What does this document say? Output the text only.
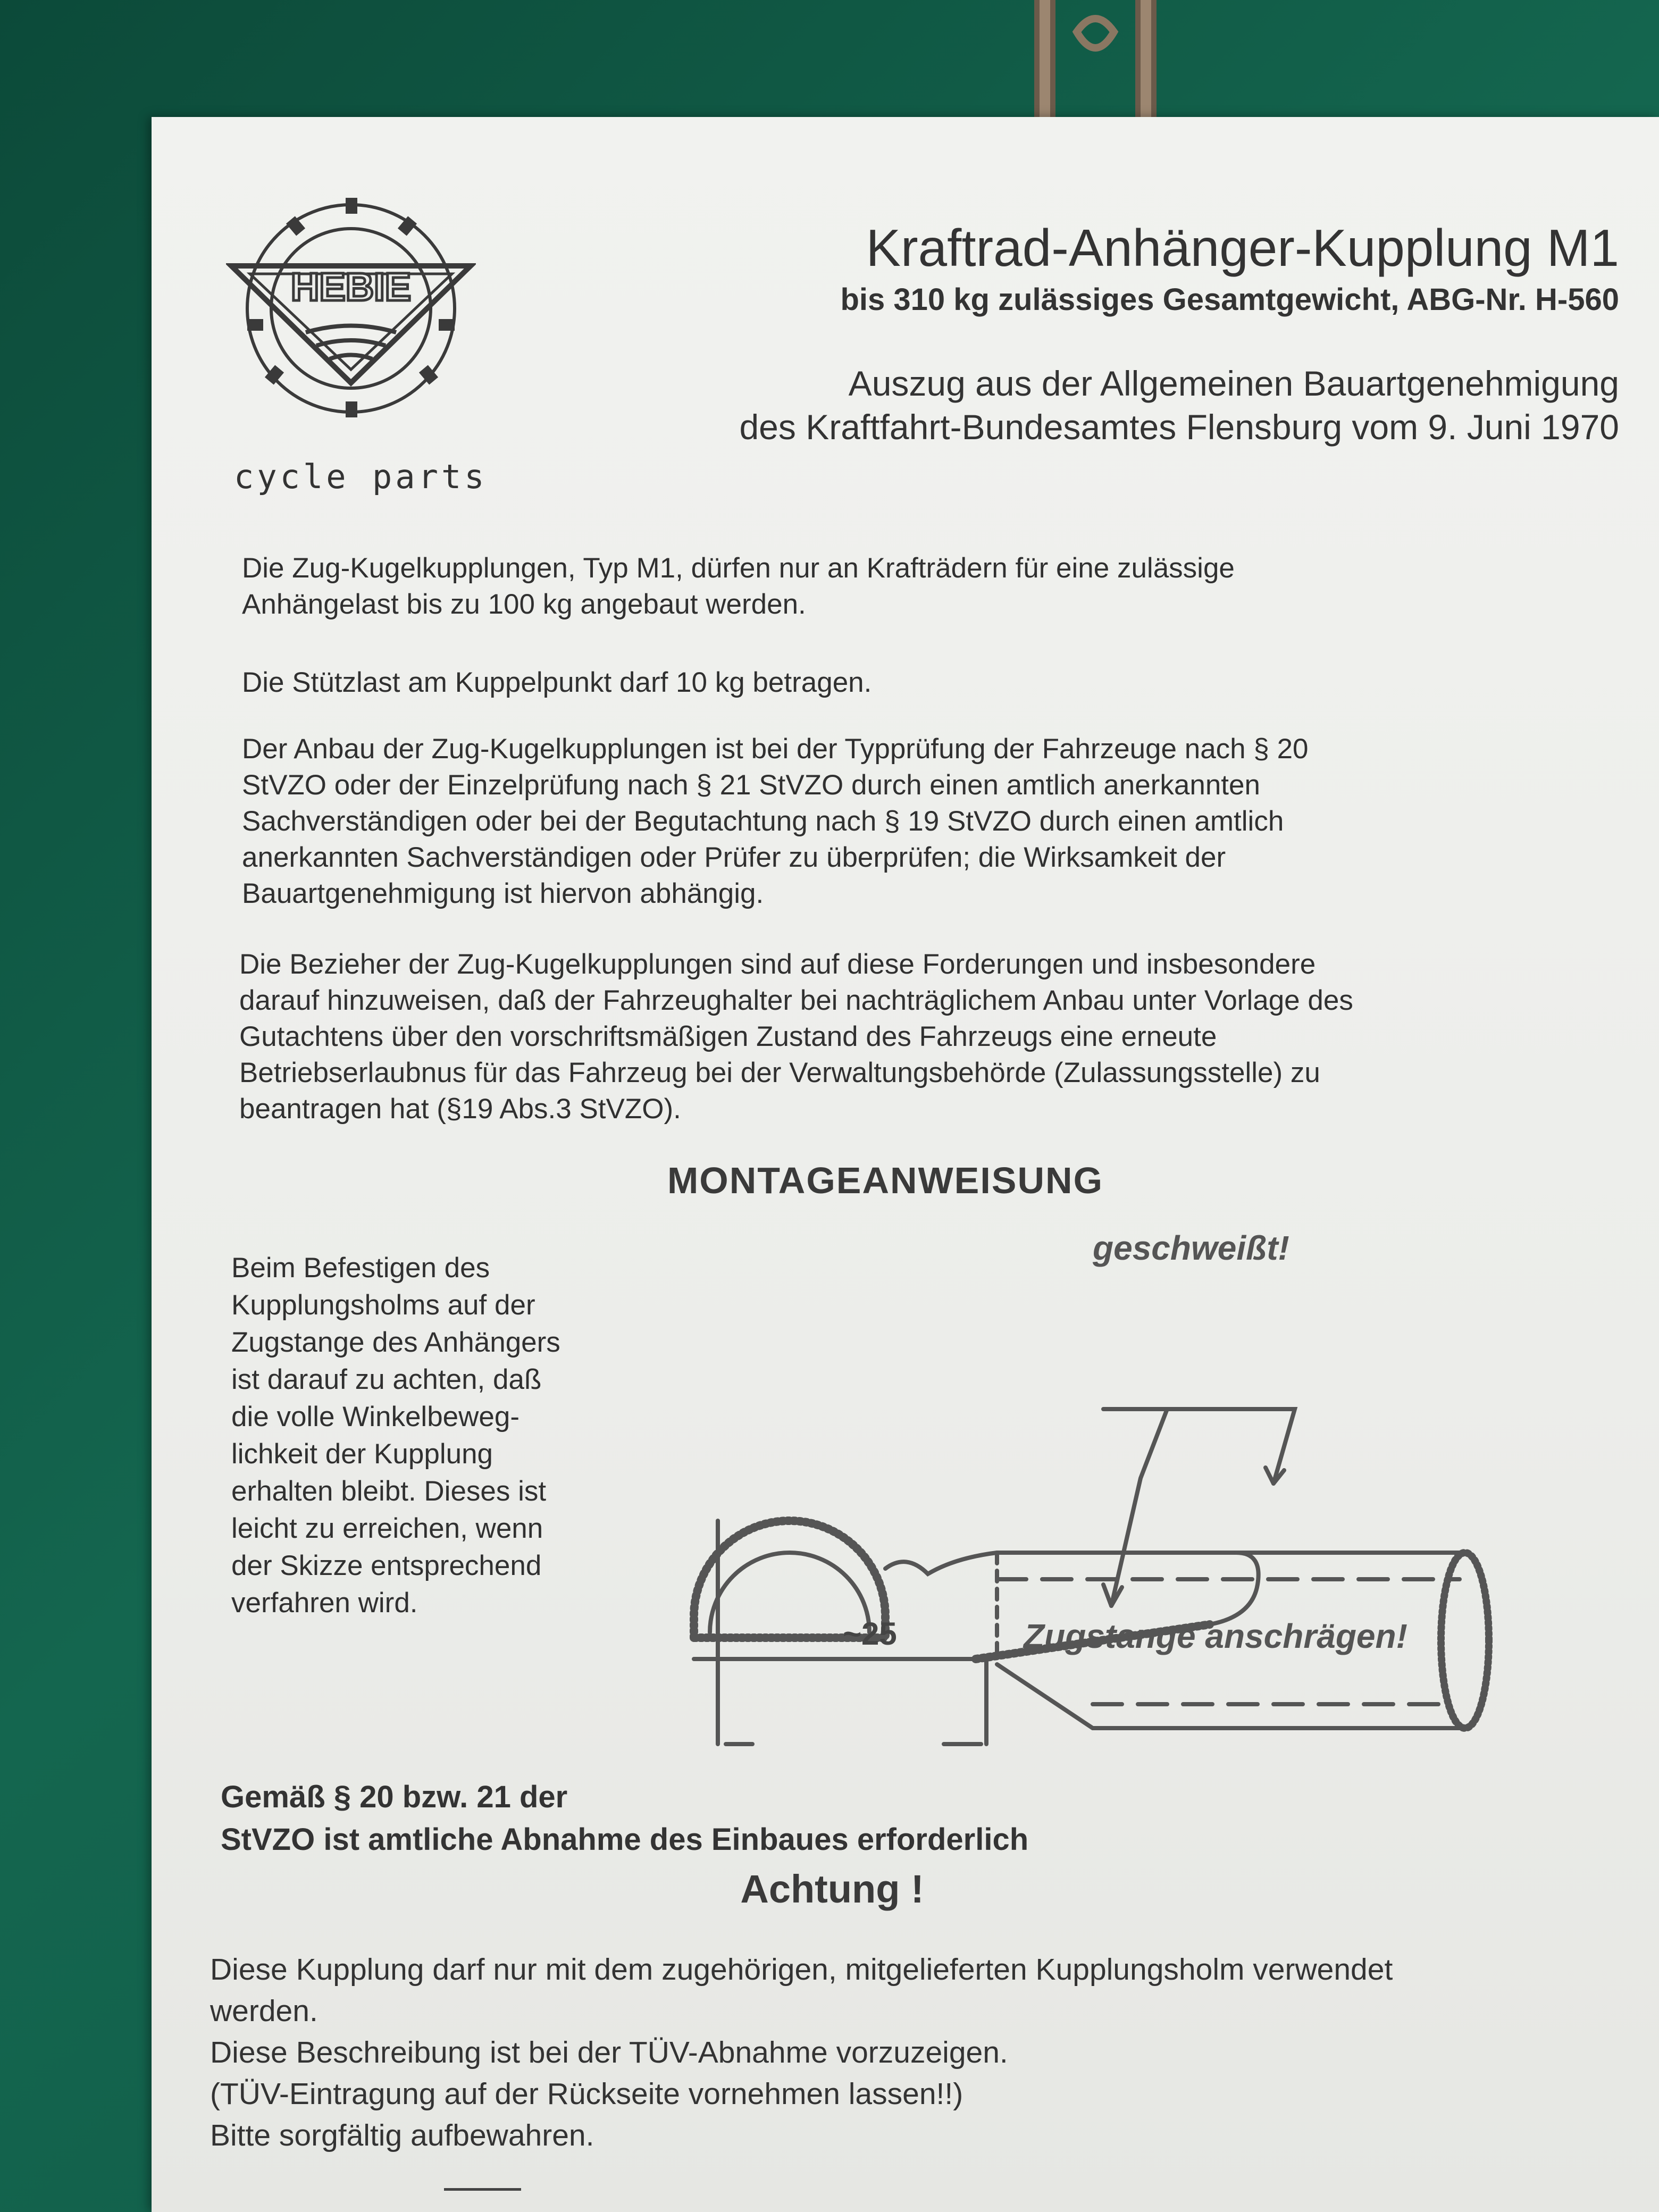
HEBIE
cycle parts
Kraftrad-Anhänger-Kupplung M1
bis 310 kg zulässiges Gesamtgewicht, ABG-Nr. H-560
Auszug aus der Allgemeinen Bauartgenehmigung
des Kraftfahrt-Bundesamtes Flensburg vom 9. Juni 1970
Die Zug-Kugelkupplungen, Typ M1, dürfen nur an Krafträdern für eine zulässige
Anhängelast bis zu 100 kg angebaut werden.
Die Stützlast am Kuppelpunkt darf 10 kg betragen.
Der Anbau der Zug-Kugelkupplungen ist bei der Typprüfung der Fahrzeuge nach § 20
StVZO oder der Einzelprüfung nach § 21 StVZO durch einen amtlich anerkannten
Sachverständigen oder bei der Begutachtung nach § 19 StVZO durch einen amtlich
anerkannten Sachverständigen oder Prüfer zu überprüfen; die Wirksamkeit der
Bauartgenehmigung ist hiervon abhängig.
Die Bezieher der Zug-Kugelkupplungen sind auf diese Forderungen und insbesondere
darauf hinzuweisen, daß der Fahrzeughalter bei nachträglichem Anbau unter Vorlage des
Gutachtens über den vorschriftsmäßigen Zustand des Fahrzeugs eine erneute
Betriebserlaubnus für das Fahrzeug bei der Verwaltungsbehörde (Zulassungsstelle) zu
beantragen hat (§19 Abs.3 StVZO).
MONTAGEANWEISUNG
Beim Befestigen des
Kupplungsholms auf der
Zugstange des Anhängers
ist darauf zu achten, daß
die volle Winkelbeweg-
lichkeit der Kupplung
erhalten bleibt. Dieses ist
leicht zu erreichen, wenn
der Skizze entsprechend
verfahren wird.
geschweißt!
~25	Zugstange anschrägen!
Gemäß § 20 bzw. 21 der
StVZO ist amtliche Abnahme des Einbaues erforderlich
Achtung !
Diese Kupplung darf nur mit dem zugehörigen, mitgelieferten Kupplungsholm verwendet
werden.
Diese Beschreibung ist bei der TÜV-Abnahme vorzuzeigen.
(TÜV-Eintragung auf der Rückseite vornehmen lassen!!)
Bitte sorgfältig aufbewahren.
